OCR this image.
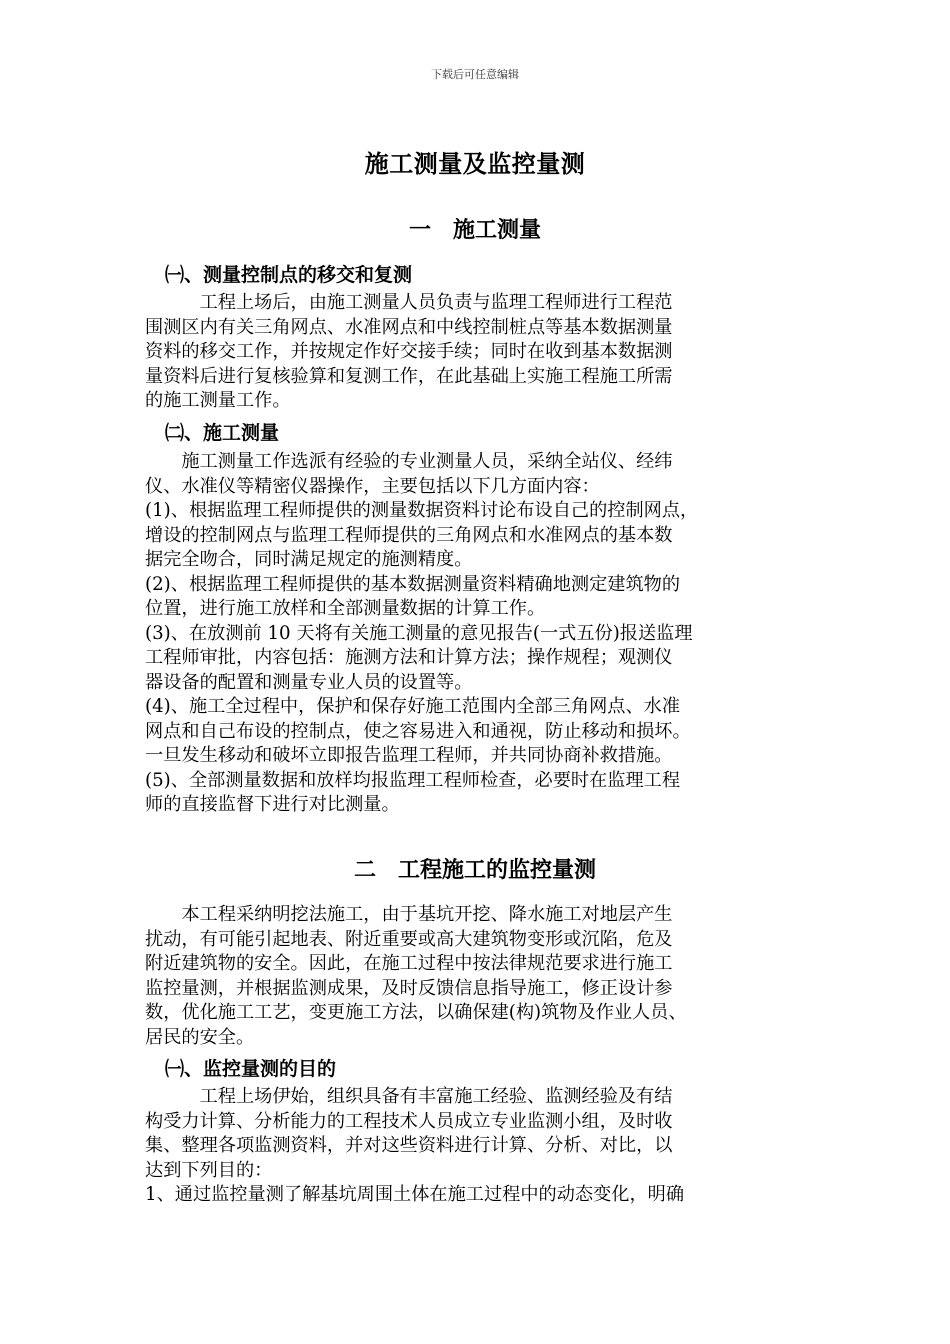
下载后可任意编辑
施工测量及监控量测
一 施工测量
㈠、测量控制点的移交和复测
　　　工程上场后，由施工测量人员负责与监理工程师进行工程范
围测区内有关三角网点、水准网点和中线控制桩点等基本数据测量
资料的移交工作，并按规定作好交接手续；同时在收到基本数据测
量资料后进行复核验算和复测工作，在此基础上实施工程施工所需
的施工测量工作。
㈡、施工测量
　　施工测量工作选派有经验的专业测量人员，采纳全站仪、经纬
仪、水准仪等精密仪器操作，主要包括以下几方面内容：
(1)、根据监理工程师提供的测量数据资料讨论布设自己的控制网点，
增设的控制网点与监理工程师提供的三角网点和水准网点的基本数
据完全吻合，同时满足规定的施测精度。
(2)、根据监理工程师提供的基本数据测量资料精确地测定建筑物的
位置，进行施工放样和全部测量数据的计算工作。
(3)、在放测前 10 天将有关施工测量的意见报告(一式五份)报送监理
工程师审批，内容包括：施测方法和计算方法；操作规程；观测仪
器设备的配置和测量专业人员的设置等。
(4)、施工全过程中，保护和保存好施工范围内全部三角网点、水准
网点和自己布设的控制点，使之容易进入和通视，防止移动和损坏。
一旦发生移动和破坏立即报告监理工程师，并共同协商补救措施。
(5)、全部测量数据和放样均报监理工程师检查，必要时在监理工程
师的直接监督下进行对比测量。
二 工程施工的监控量测
　　本工程采纳明挖法施工，由于基坑开挖、降水施工对地层产生
扰动，有可能引起地表、附近重要或高大建筑物变形或沉陷，危及
附近建筑物的安全。因此，在施工过程中按法律规范要求进行施工
监控量测，并根据监测成果，及时反馈信息指导施工，修正设计参
数，优化施工工艺，变更施工方法，以确保建(构)筑物及作业人员、
居民的安全。
㈠、监控量测的目的
　　　工程上场伊始，组织具备有丰富施工经验、监测经验及有结
构受力计算、分析能力的工程技术人员成立专业监测小组，及时收
集、整理各项监测资料，并对这些资料进行计算、分析、对比，以
达到下列目的：
1、通过监控量测了解基坑周围土体在施工过程中的动态变化，明确
